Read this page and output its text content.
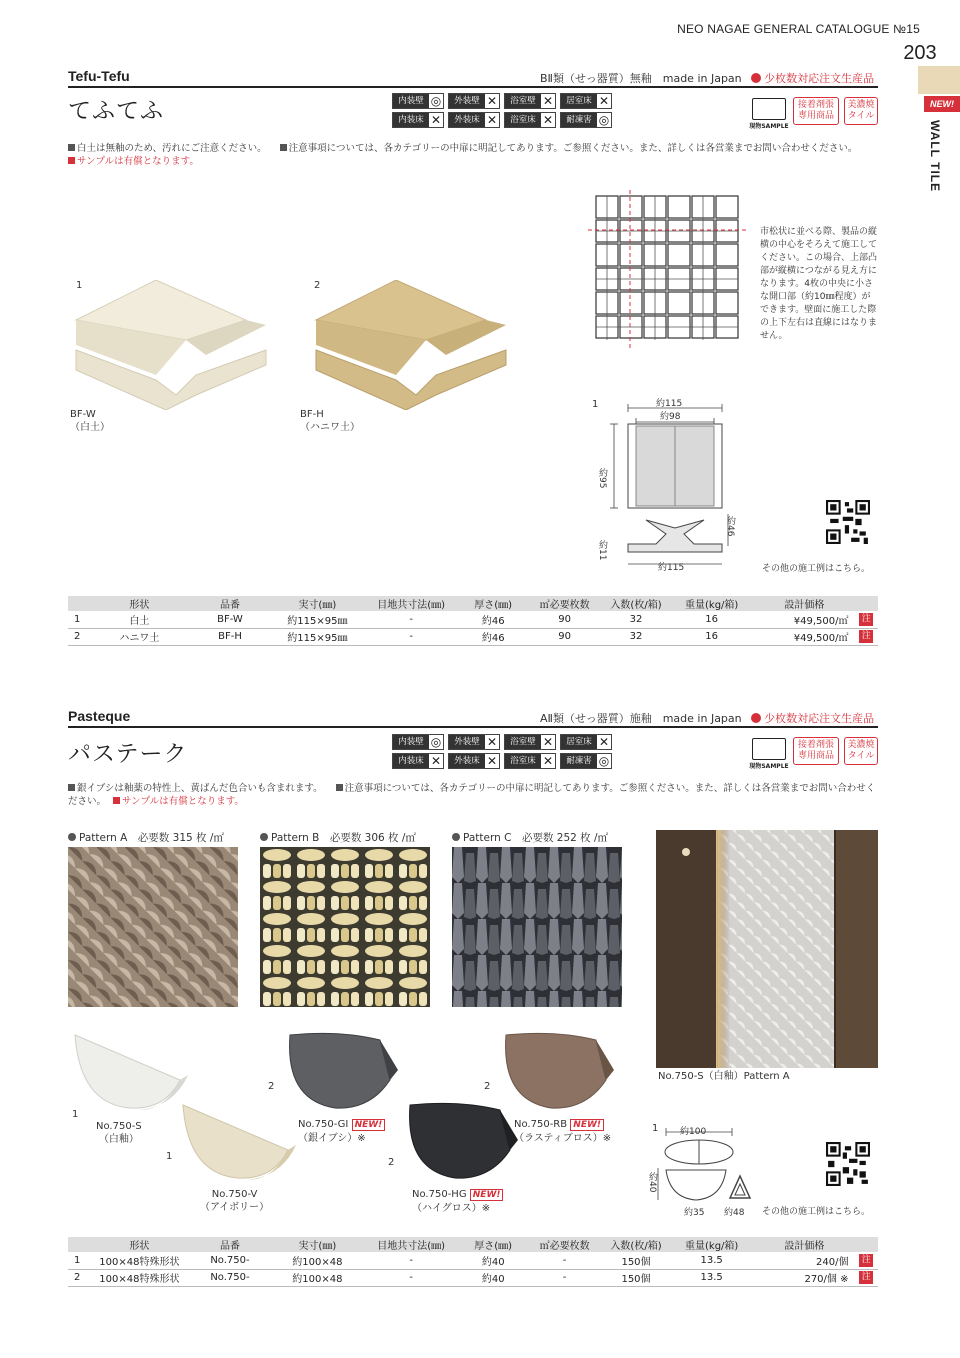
NEO NAGAE GENERAL CATALOGUE №15
203
NEW!
WALL TILE
Tefu-Tefu	BⅡ類（せっ器質）無釉　made in Japan 少枚数対応注文生産品
てふてふ	内装壁 ◎	外装壁 ✕	浴室壁 ✕	居室床 ✕
内装床 ✕	外装床 ✕	浴室床 ✕	耐凍害 ◎	現物SAMPLE
接着剤張
専用商品
美濃焼
タイル
白土は無釉のため、汚れにご注意ください。 注意事項については、各カテゴリーの中扉に明記してあります。ご参照ください。また、詳しくは各営業までお問い合わせください。
サンプルは有償となります。
1	2
BF-W
（白土）
BF-H
（ハニワ土）
市松状に並べる際、製品の縦横の中心をそろえて施工してください。この場合、上部凸部が縦横につながる見え方になります。4枚の中央に小さな開口部（約10㎜程度）ができます。壁面に施工した際の上下左右は直線にはなりません。
1	約115
約98
約95
約46
約11
約115	その他の施工例はこちら。
	形状	品番	実寸(㎜)	目地共寸法(㎜)	厚さ(㎜)	㎡必要枚数	入数(枚/箱)	重量(kg/箱)	設計価格	
1	白土	BF-W	約115×95㎜	-	約46	90	32	16	¥49,500/㎡	注
2	ハニワ土	BF-H	約115×95㎜	-	約46	90	32	16	¥49,500/㎡	注
Pasteque	AⅡ類（せっ器質）施釉　made in Japan 少枚数対応注文生産品
パステーク	内装壁 ◎	外装壁 ✕	浴室壁 ✕	居室床 ✕
内装床 ✕	外装床 ✕	浴室床 ✕	耐凍害 ◎	現物SAMPLE
接着剤張
専用商品
美濃焼
タイル
銀イブシは釉薬の特性上、黄ばんだ色合いも含まれます。 注意事項については、各カテゴリーの中扉に明記してあります。ご参照ください。また、詳しくは各営業までお問い合わせください。 サンプルは有償となります。
Pattern A　 必要数 315 枚 /㎡	Pattern B　 必要数 306 枚 /㎡	Pattern C　 必要数 252 枚 /㎡
No.750-S（白釉）Pattern A
1
No.750-S
（白釉）
1
No.750-V
（アイボリー）
2
No.750-GI NEW!
（銀イブシ）※
2
No.750-HG NEW!
（ハイグロス）※
2
No.750-RB NEW!
（ラスティブロス）※
1 約100
約40
約35 約48 その他の施工例はこちら。
	形状	品番	実寸(㎜)	目地共寸法(㎜)	厚さ(㎜)	㎡必要枚数	入数(枚/箱)	重量(kg/箱)	設計価格	
1	100×48特殊形状	No.750-	約100×48	-	約40	-	150個	13.5	240/個	注
2	100×48特殊形状	No.750-	約100×48	-	約40	-	150個	13.5	270/個 ※	注
